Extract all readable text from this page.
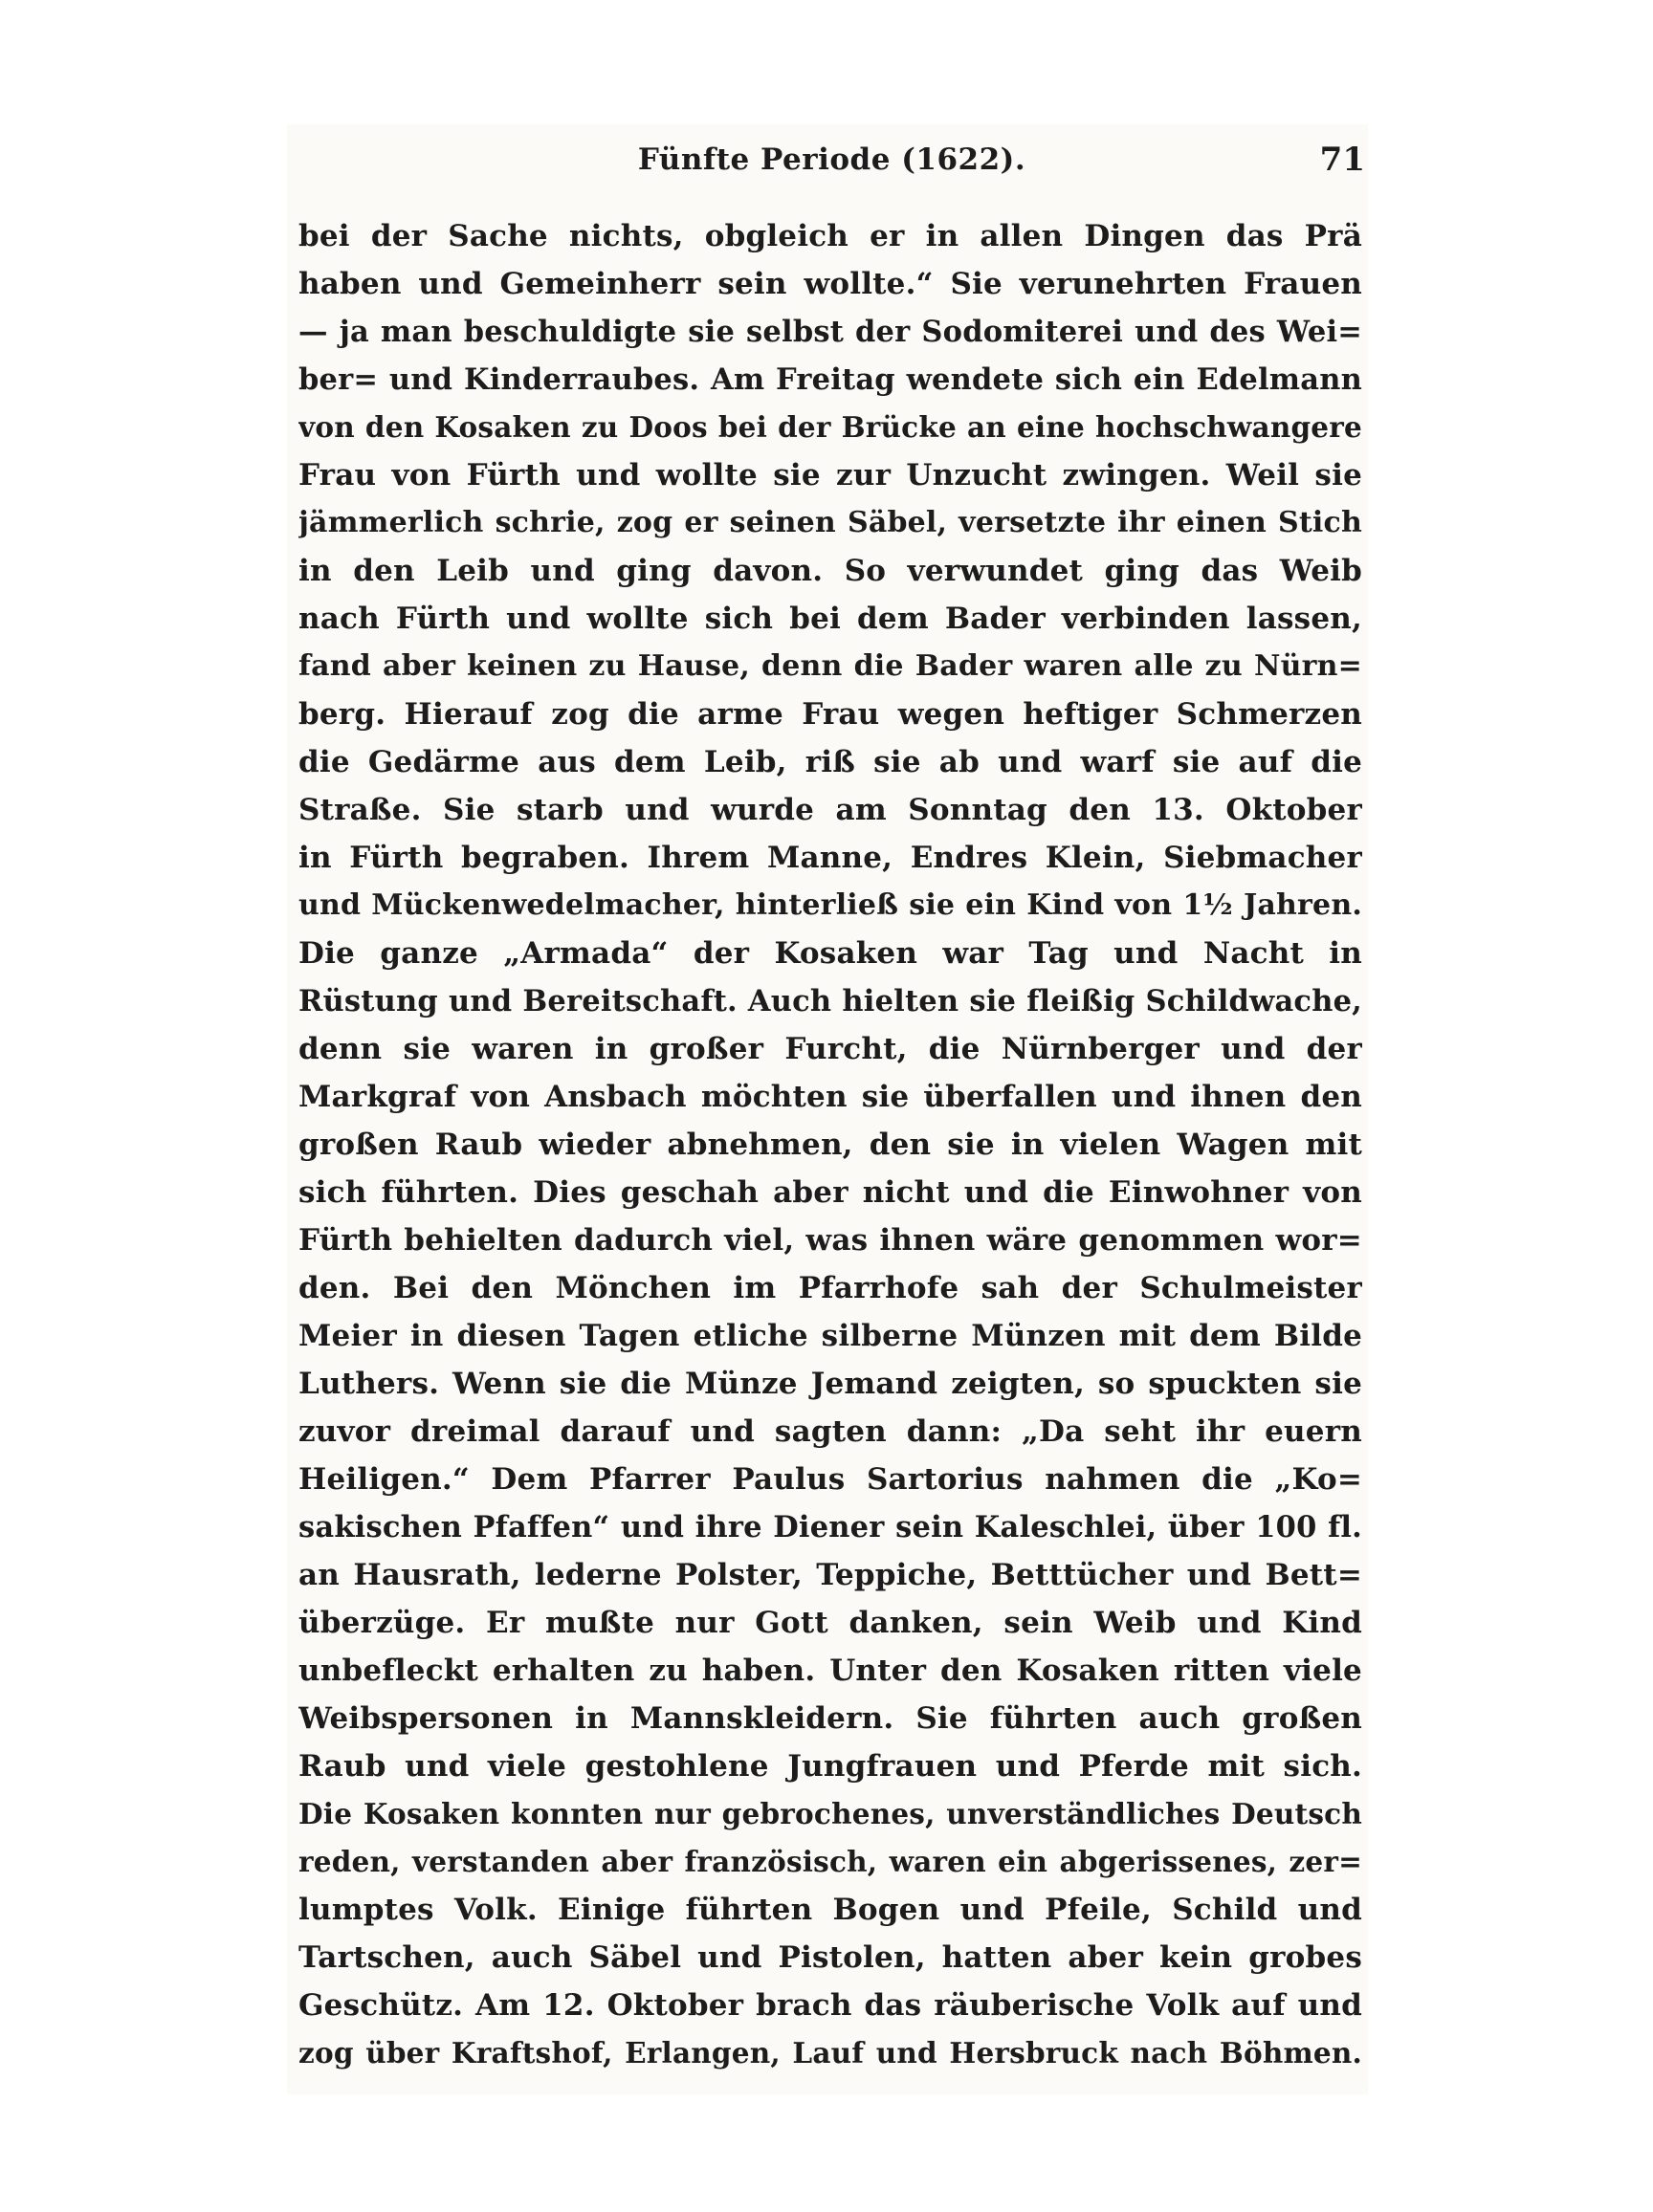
Fünfte Periode (1622).	71
bei der Sache nichts, obgleich er in allen Dingen das Prä
haben und Gemeinherr sein wollte.“ Sie verunehrten Frauen
— ja man beschuldigte sie selbst der Sodomiterei und des Wei=
ber= und Kinderraubes. Am Freitag wendete sich ein Edelmann
von den Kosaken zu Doos bei der Brücke an eine hochschwangere
Frau von Fürth und wollte sie zur Unzucht zwingen. Weil sie
jämmerlich schrie, zog er seinen Säbel, versetzte ihr einen Stich
in den Leib und ging davon. So verwundet ging das Weib
nach Fürth und wollte sich bei dem Bader verbinden lassen,
fand aber keinen zu Hause, denn die Bader waren alle zu Nürn=
berg. Hierauf zog die arme Frau wegen heftiger Schmerzen
die Gedärme aus dem Leib, riß sie ab und warf sie auf die
Straße. Sie starb und wurde am Sonntag den 13. Oktober
in Fürth begraben. Ihrem Manne, Endres Klein, Siebmacher
und Mückenwedelmacher, hinterließ sie ein Kind von 1½ Jahren.
Die ganze „Armada“ der Kosaken war Tag und Nacht in
Rüstung und Bereitschaft. Auch hielten sie fleißig Schildwache,
denn sie waren in großer Furcht, die Nürnberger und der
Markgraf von Ansbach möchten sie überfallen und ihnen den
großen Raub wieder abnehmen, den sie in vielen Wagen mit
sich führten. Dies geschah aber nicht und die Einwohner von
Fürth behielten dadurch viel, was ihnen wäre genommen wor=
den. Bei den Mönchen im Pfarrhofe sah der Schulmeister
Meier in diesen Tagen etliche silberne Münzen mit dem Bilde
Luthers. Wenn sie die Münze Jemand zeigten, so spuckten sie
zuvor dreimal darauf und sagten dann: „Da seht ihr euern
Heiligen.“ Dem Pfarrer Paulus Sartorius nahmen die „Ko=
sakischen Pfaffen“ und ihre Diener sein Kaleschlei, über 100 fl.
an Hausrath, lederne Polster, Teppiche, Betttücher und Bett=
überzüge. Er mußte nur Gott danken, sein Weib und Kind
unbefleckt erhalten zu haben. Unter den Kosaken ritten viele
Weibspersonen in Mannskleidern. Sie führten auch großen
Raub und viele gestohlene Jungfrauen und Pferde mit sich.
Die Kosaken konnten nur gebrochenes, unverständliches Deutsch
reden, verstanden aber französisch, waren ein abgerissenes, zer=
lumptes Volk. Einige führten Bogen und Pfeile, Schild und
Tartschen, auch Säbel und Pistolen, hatten aber kein grobes
Geschütz. Am 12. Oktober brach das räuberische Volk auf und
zog über Kraftshof, Erlangen, Lauf und Hersbruck nach Böhmen.
